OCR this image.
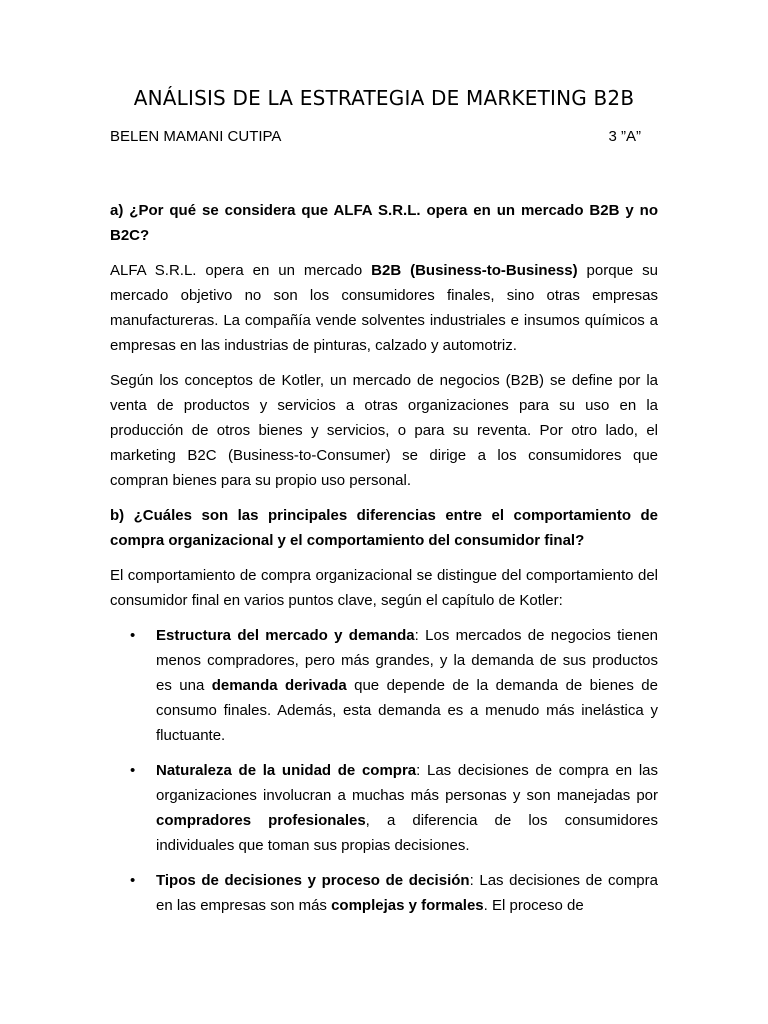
ANÁLISIS DE LA ESTRATEGIA DE MARKETING B2B
BELEN MAMANI CUTIPA	3 ”A”

a) ¿Por qué se considera que ALFA S.R.L. opera en un mercado B2B y no B2C?

ALFA S.R.L. opera en un mercado B2B (Business-to-Business) porque su mercado objetivo no son los consumidores finales, sino otras empresas manufactureras. La compañía vende solventes industriales e insumos químicos a empresas en las industrias de pinturas, calzado y automotriz.

Según los conceptos de Kotler, un mercado de negocios (B2B) se define por la venta de productos y servicios a otras organizaciones para su uso en la producción de otros bienes y servicios, o para su reventa. Por otro lado, el marketing B2C (Business-to-Consumer) se dirige a los consumidores que compran bienes para su propio uso personal.

b) ¿Cuáles son las principales diferencias entre el comportamiento de compra organizacional y el comportamiento del consumidor final?

El comportamiento de compra organizacional se distingue del comportamiento del consumidor final en varios puntos clave, según el capítulo de Kotler:

• Estructura del mercado y demanda: Los mercados de negocios tienen menos compradores, pero más grandes, y la demanda de sus productos es una demanda derivada que depende de la demanda de bienes de consumo finales. Además, esta demanda es a menudo más inelástica y fluctuante.
• Naturaleza de la unidad de compra: Las decisiones de compra en las organizaciones involucran a muchas más personas y son manejadas por compradores profesionales, a diferencia de los consumidores individuales que toman sus propias decisiones.
• Tipos de decisiones y proceso de decisión: Las decisiones de compra en las empresas son más complejas y formales. El proceso de
